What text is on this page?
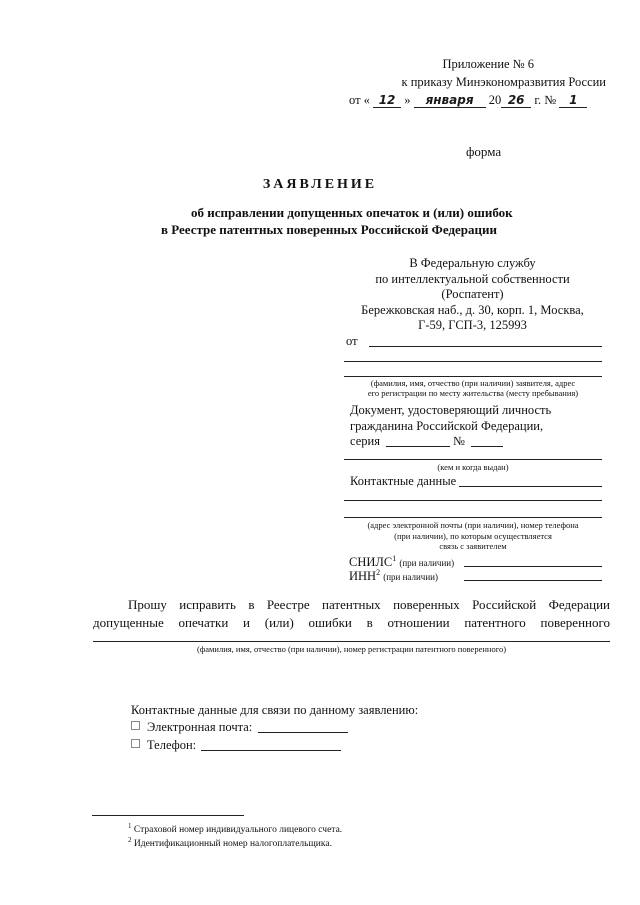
Приложение № 6
к приказу Минэкономразвития России
от « 12 » января 20 26 г. № 1
форма
ЗАЯВЛЕНИЕ
об исправлении допущенных опечаток и (или) ошибок
в Реестре патентных поверенных Российской Федерации
В Федеральную службу
по интеллектуальной собственности
(Роспатент)
Бережковская наб., д. 30, корп. 1, Москва,
Г-59, ГСП-3, 125993
от
(фамилия, имя, отчество (при наличии) заявителя, адрес
его регистрации по месту жительства (месту пребывания)
Документ, удостоверяющий личность
гражданина Российской Федерации,
серия	№
(кем и когда выдан)
Контактные данные
(адрес электронной почты (при наличии), номер телефона
(при наличии), по которым осуществляется
связь с заявителем
СНИЛС$^1$ (при наличии)
ИНН$^2$ (при наличии)
Прошу исправить в Реестре патентных поверенных Российской Федерации
допущенные опечатки и (или) ошибки в отношении патентного поверенного
(фамилия, имя, отчество (при наличии), номер регистрации патентного поверенного)
Контактные данные для связи по данному заявлению:
Электронная почта:
Телефон:
$^1$ Страховой номер индивидуального лицевого счета.
$^2$ Идентификационный номер налогоплательщика.
